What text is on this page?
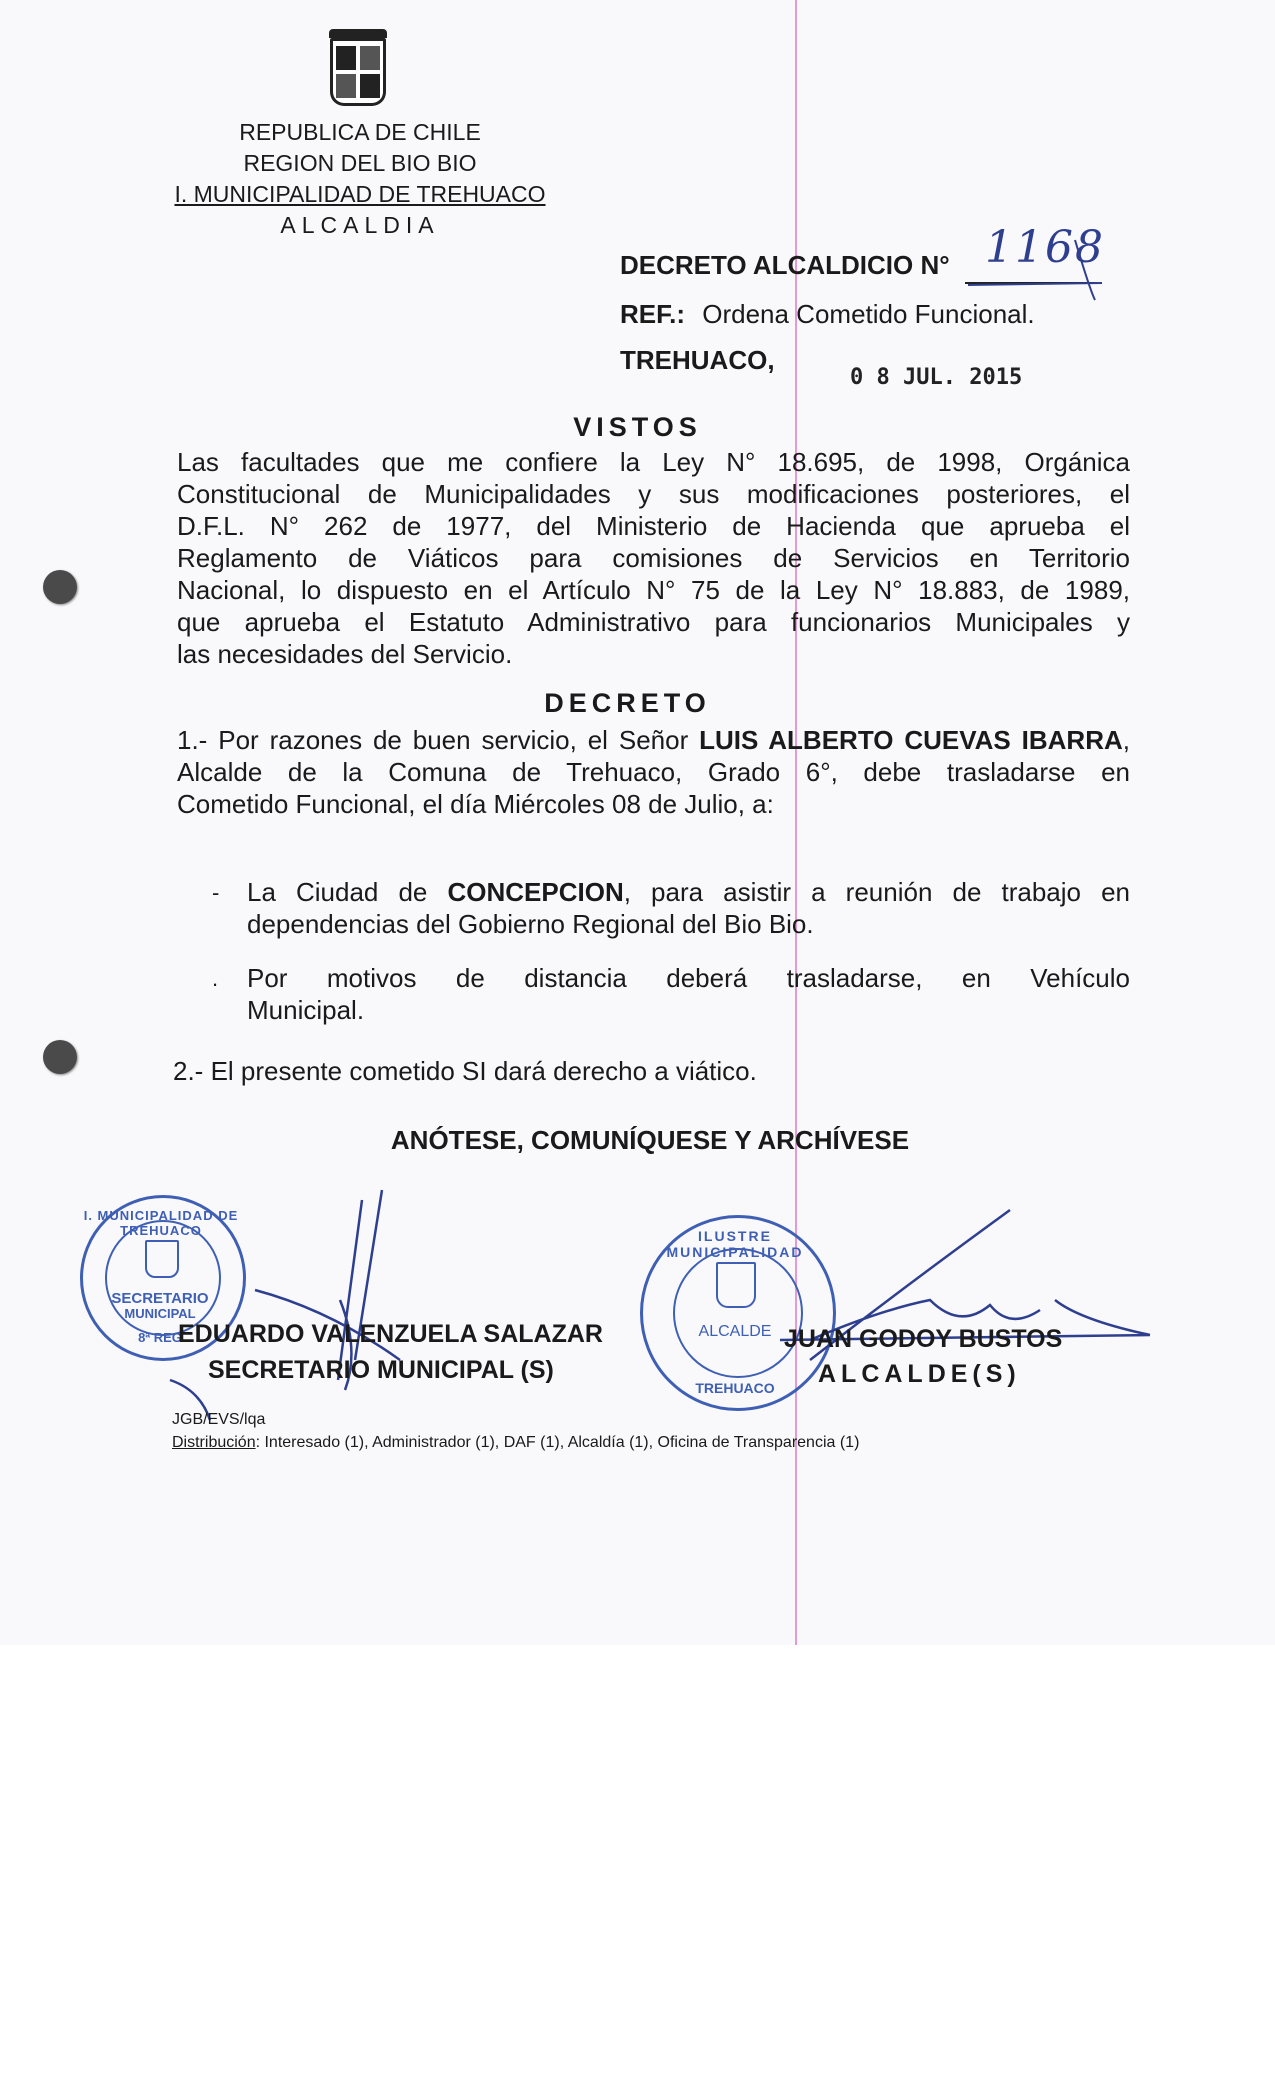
REPUBLICA DE CHILE
REGION DEL BIO BIO
I. MUNICIPALIDAD DE TREHUACO
ALCALDIA
DECRETO ALCALDICIO N° 1168
REF.: Ordena Cometido Funcional.
TREHUACO,
0 8 JUL. 2015
VISTOS
Las facultades que me confiere la Ley N° 18.695, de 1998, Orgánica
Constitucional de Municipalidades y sus modificaciones posteriores, el
D.F.L. N° 262 de 1977, del Ministerio de Hacienda que aprueba el
Reglamento de Viáticos para comisiones de Servicios en Territorio
Nacional, lo dispuesto en el Artículo N° 75 de la Ley N° 18.883, de 1989,
que aprueba el Estatuto Administrativo para funcionarios Municipales y
las necesidades del Servicio.
DECRETO
1.- Por razones de buen servicio, el Señor LUIS ALBERTO CUEVAS IBARRA,
Alcalde de la Comuna de Trehuaco, Grado 6°, debe trasladarse en
Cometido Funcional, el día Miércoles 08 de Julio, a:
- La Ciudad de CONCEPCION, para asistir a reunión de trabajo en
dependencias del Gobierno Regional del Bio Bio.
. Por motivos de distancia deberá trasladarse, en Vehículo
Municipal.
2.- El presente cometido SI dará derecho a viático.
ANÓTESE, COMUNÍQUESE Y ARCHÍVESE
I. MUNICIPALIDAD DE TREHUACO
SECRETARIO
MUNICIPAL
8ª REG
ILUSTRE MUNICIPALIDAD
ALCALDE
TREHUACO
EDUARDO VALENZUELA SALAZAR
SECRETARIO MUNICIPAL (S)
JUAN GODOY BUSTOS
ALCALDE(S)
JGB/EVS/lqa
Distribución: Interesado (1), Administrador (1), DAF (1), Alcaldía (1), Oficina de Transparencia (1)
